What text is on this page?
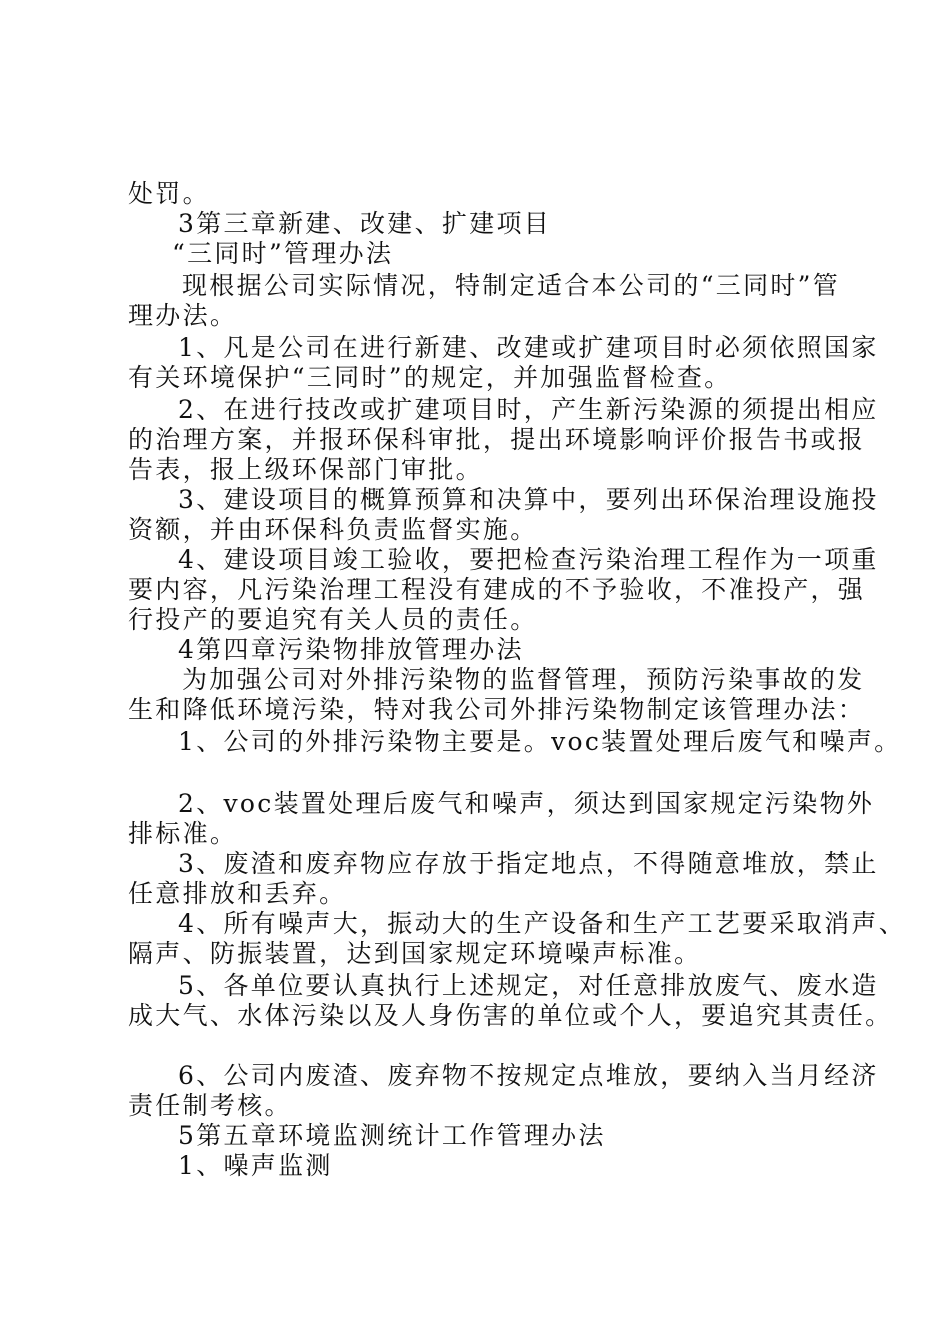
处罚。
3第三章新建、改建、扩建项目
“三同时”管理办法
现根据公司实际情况，特制定适合本公司的“三同时”管
理办法。
1、凡是公司在进行新建、改建或扩建项目时必须依照国家
有关环境保护“三同时”的规定，并加强监督检查。
2、在进行技改或扩建项目时，产生新污染源的须提出相应
的治理方案，并报环保科审批，提出环境影响评价报告书或报
告表，报上级环保部门审批。
3、建设项目的概算预算和决算中，要列出环保治理设施投
资额，并由环保科负责监督实施。
4、建设项目竣工验收，要把检查污染治理工程作为一项重
要内容，凡污染治理工程没有建成的不予验收，不准投产，强
行投产的要追究有关人员的责任。
4第四章污染物排放管理办法
为加强公司对外排污染物的监督管理，预防污染事故的发
生和降低环境污染，特对我公司外排污染物制定该管理办法：
1、公司的外排污染物主要是。voc装置处理后废气和噪声。
2、voc装置处理后废气和噪声，须达到国家规定污染物外
排标准。
3、废渣和废弃物应存放于指定地点，不得随意堆放，禁止
任意排放和丢弃。
4、所有噪声大，振动大的生产设备和生产工艺要采取消声、
隔声、防振装置，达到国家规定环境噪声标准。
5、各单位要认真执行上述规定，对任意排放废气、废水造
成大气、水体污染以及人身伤害的单位或个人，要追究其责任。
6、公司内废渣、废弃物不按规定点堆放，要纳入当月经济
责任制考核。
5第五章环境监测统计工作管理办法
1、噪声监测
